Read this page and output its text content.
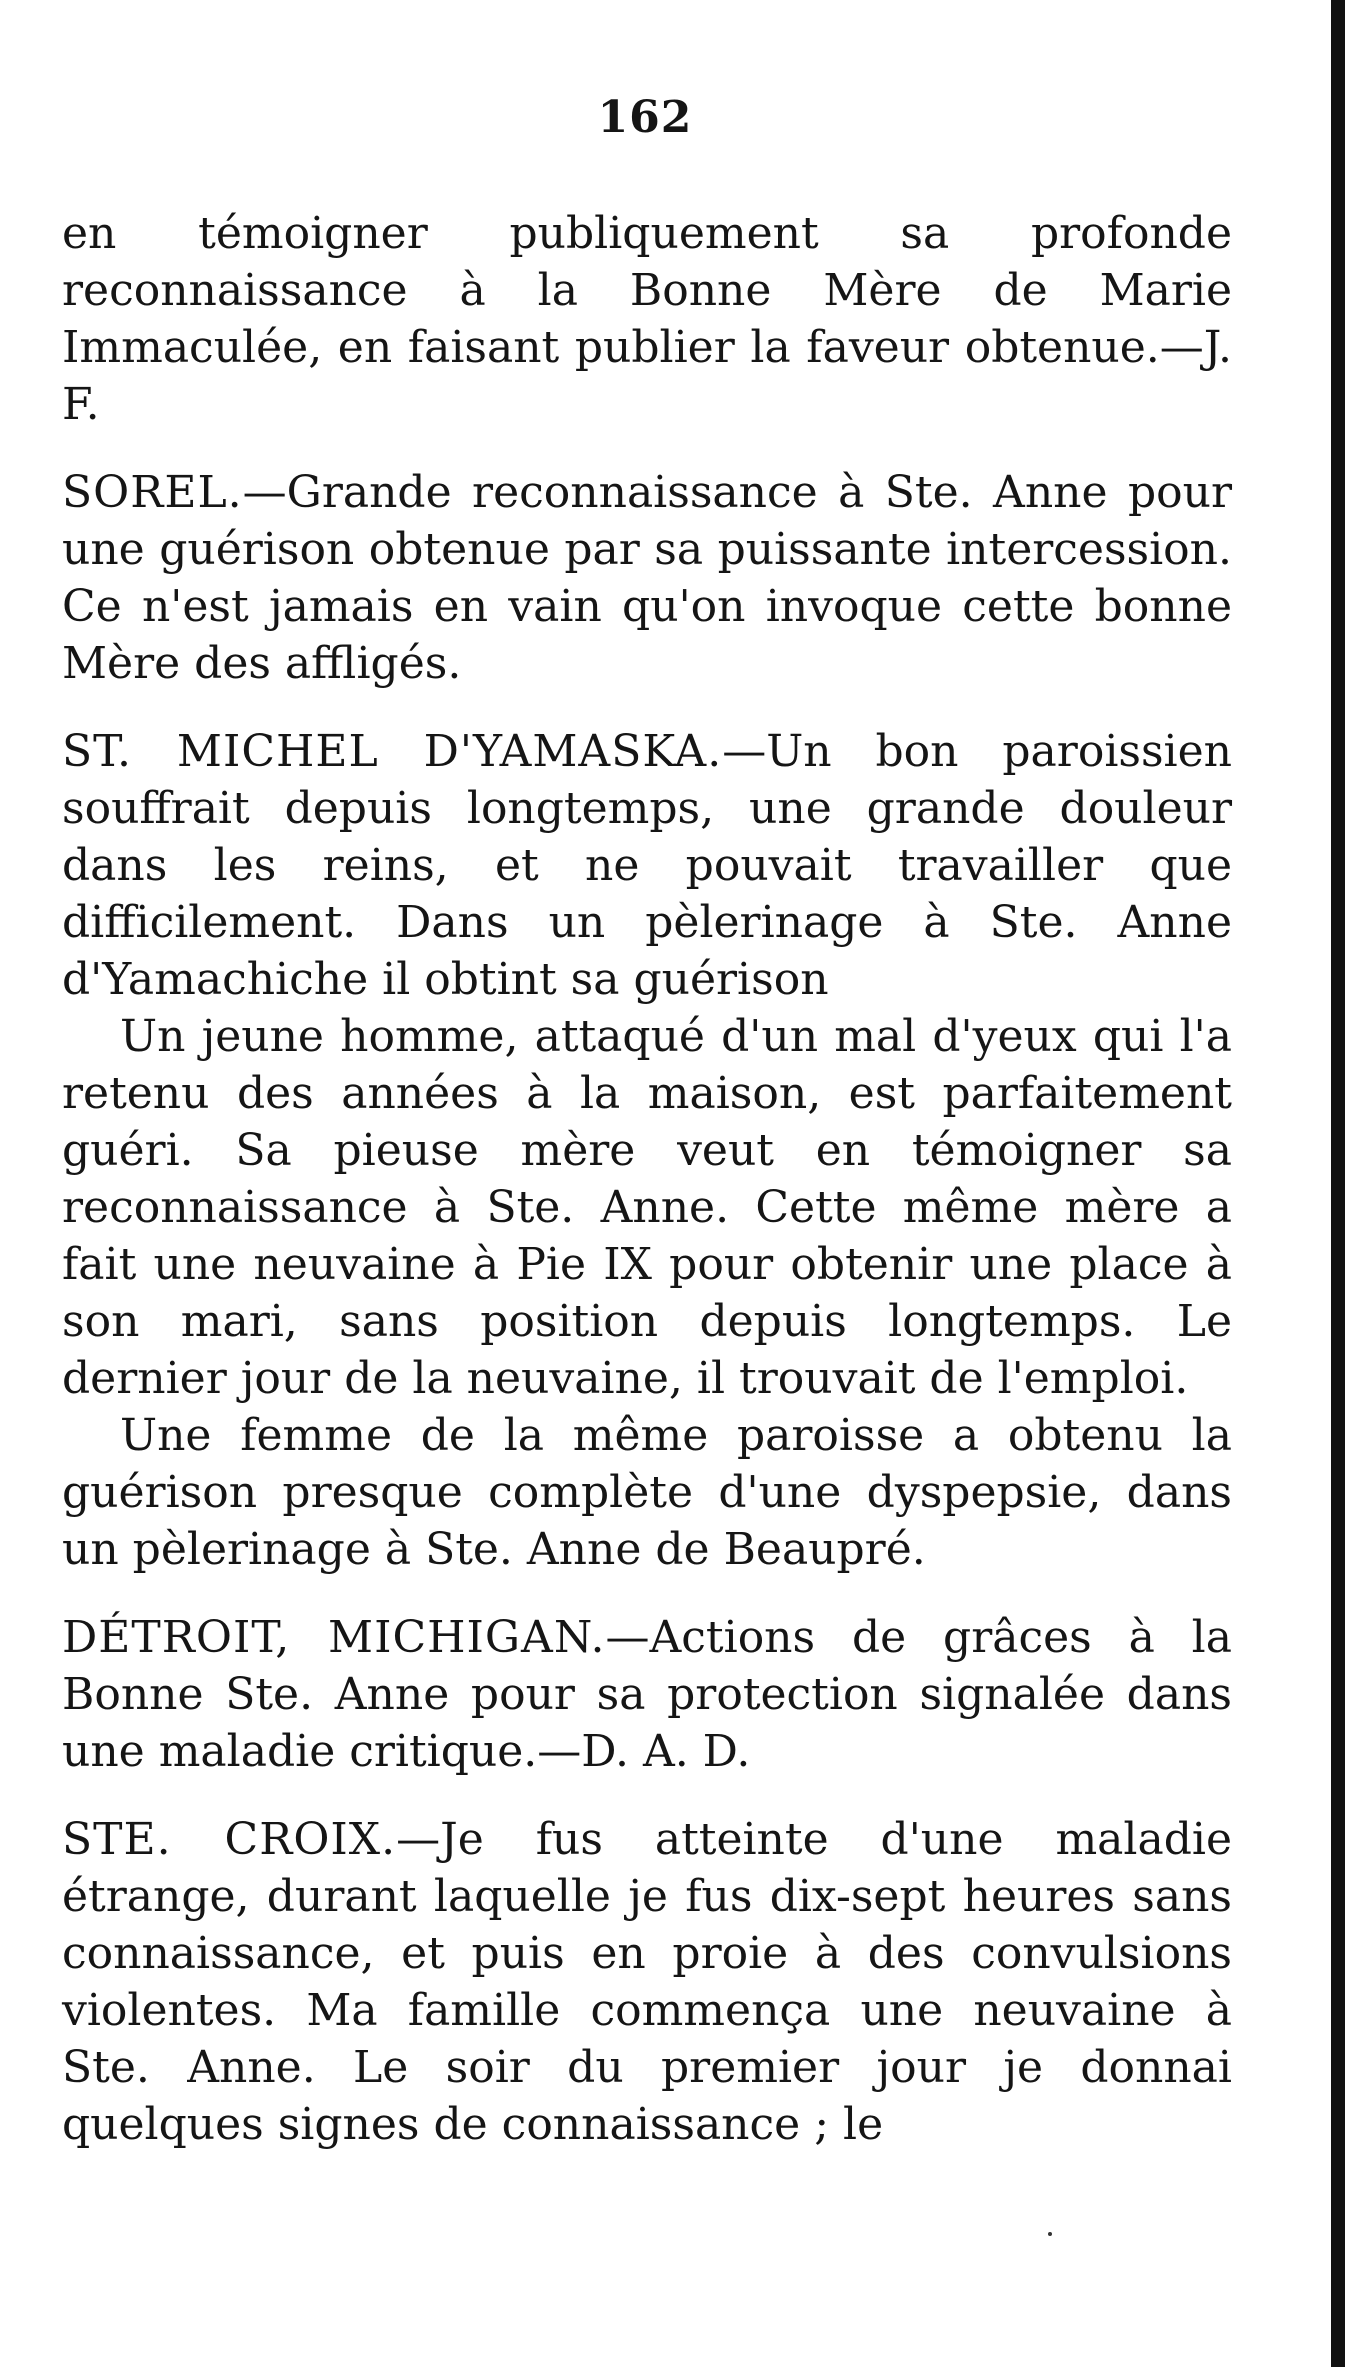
162

en témoigner publiquement sa profonde reconnaissance à la Bonne Mère de Marie Immaculée, en faisant publier la faveur obtenue.—J. F.

SOREL.—Grande reconnaissance à Ste. Anne pour une guérison obtenue par sa puissante intercession. Ce n'est jamais en vain qu'on invoque cette bonne Mère des affligés.

ST. MICHEL D'YAMASKA.—Un bon paroissien souffrait depuis longtemps, une grande douleur dans les reins, et ne pouvait travailler que difficilement. Dans un pèlerinage à Ste. Anne d'Yamachiche il obtint sa guérison

Un jeune homme, attaqué d'un mal d'yeux qui l'a retenu des années à la maison, est parfaitement guéri. Sa pieuse mère veut en témoigner sa reconnaissance à Ste. Anne. Cette même mère a fait une neuvaine à Pie IX pour obtenir une place à son mari, sans position depuis longtemps. Le dernier jour de la neuvaine, il trouvait de l'emploi.

Une femme de la même paroisse a obtenu la guérison presque complète d'une dyspepsie, dans un pèlerinage à Ste. Anne de Beaupré.

DÉTROIT, MICHIGAN.—Actions de grâces à la Bonne Ste. Anne pour sa protection signalée dans une maladie critique.—D. A. D.

STE. CROIX.—Je fus atteinte d'une maladie étrange, durant laquelle je fus dix-sept heures sans connaissance, et puis en proie à des convulsions violentes. Ma famille commença une neuvaine à Ste. Anne. Le soir du premier jour je donnai quelques signes de connaissance ; le
